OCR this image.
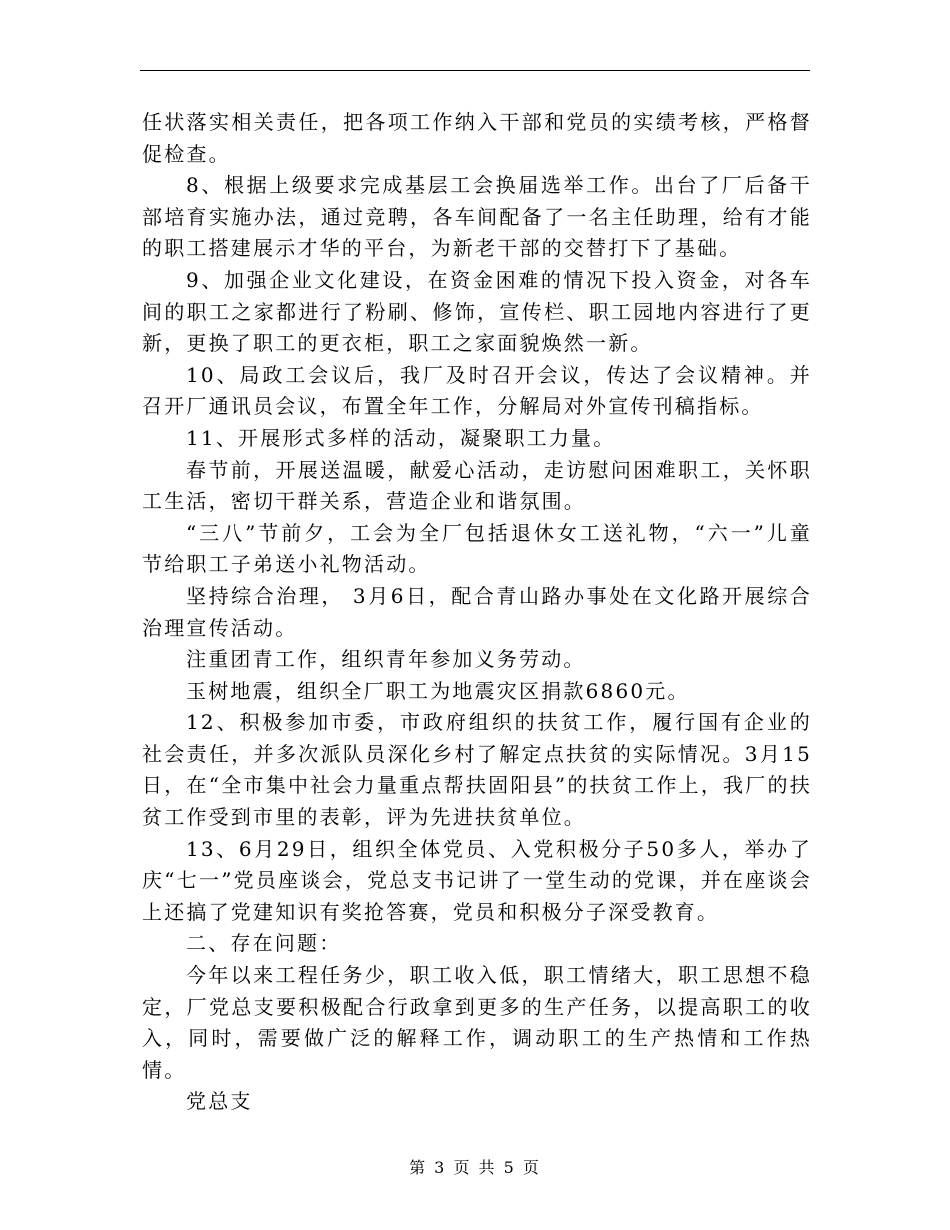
任状落实相关责任，把各项工作纳入干部和党员的实绩考核，严格督促检查。

8、根据上级要求完成基层工会换届选举工作。出台了厂后备干部培育实施办法，通过竞聘，各车间配备了一名主任助理，给有才能的职工搭建展示才华的平台，为新老干部的交替打下了基础。

9、加强企业文化建设，在资金困难的情况下投入资金，对各车间的职工之家都进行了粉刷、修饰，宣传栏、职工园地内容进行了更新，更换了职工的更衣柜，职工之家面貌焕然一新。

10、局政工会议后，我厂及时召开会议，传达了会议精神。并召开厂通讯员会议，布置全年工作，分解局对外宣传刊稿指标。

11、开展形式多样的活动，凝聚职工力量。

春节前，开展送温暖，献爱心活动，走访慰问困难职工，关怀职工生活，密切干群关系，营造企业和谐氛围。

“三八”节前夕，工会为全厂包括退休女工送礼物，“六一”儿童节给职工子弟送小礼物活动。

坚持综合治理， 3月6日，配合青山路办事处在文化路开展综合治理宣传活动。

注重团青工作，组织青年参加义务劳动。

玉树地震，组织全厂职工为地震灾区捐款6860元。

12、积极参加市委，市政府组织的扶贫工作，履行国有企业的社会责任，并多次派队员深化乡村了解定点扶贫的实际情况。3月15日，在“全市集中社会力量重点帮扶固阳县”的扶贫工作上，我厂的扶贫工作受到市里的表彰，评为先进扶贫单位。

13、6月29日，组织全体党员、入党积极分子50多人，举办了庆“七一”党员座谈会，党总支书记讲了一堂生动的党课，并在座谈会上还搞了党建知识有奖抢答赛，党员和积极分子深受教育。

二、存在问题：

今年以来工程任务少，职工收入低，职工情绪大，职工思想不稳定，厂党总支要积极配合行政拿到更多的生产任务，以提高职工的收入，同时，需要做广泛的解释工作，调动职工的生产热情和工作热情。

党总支

第 3 页 共 5 页
